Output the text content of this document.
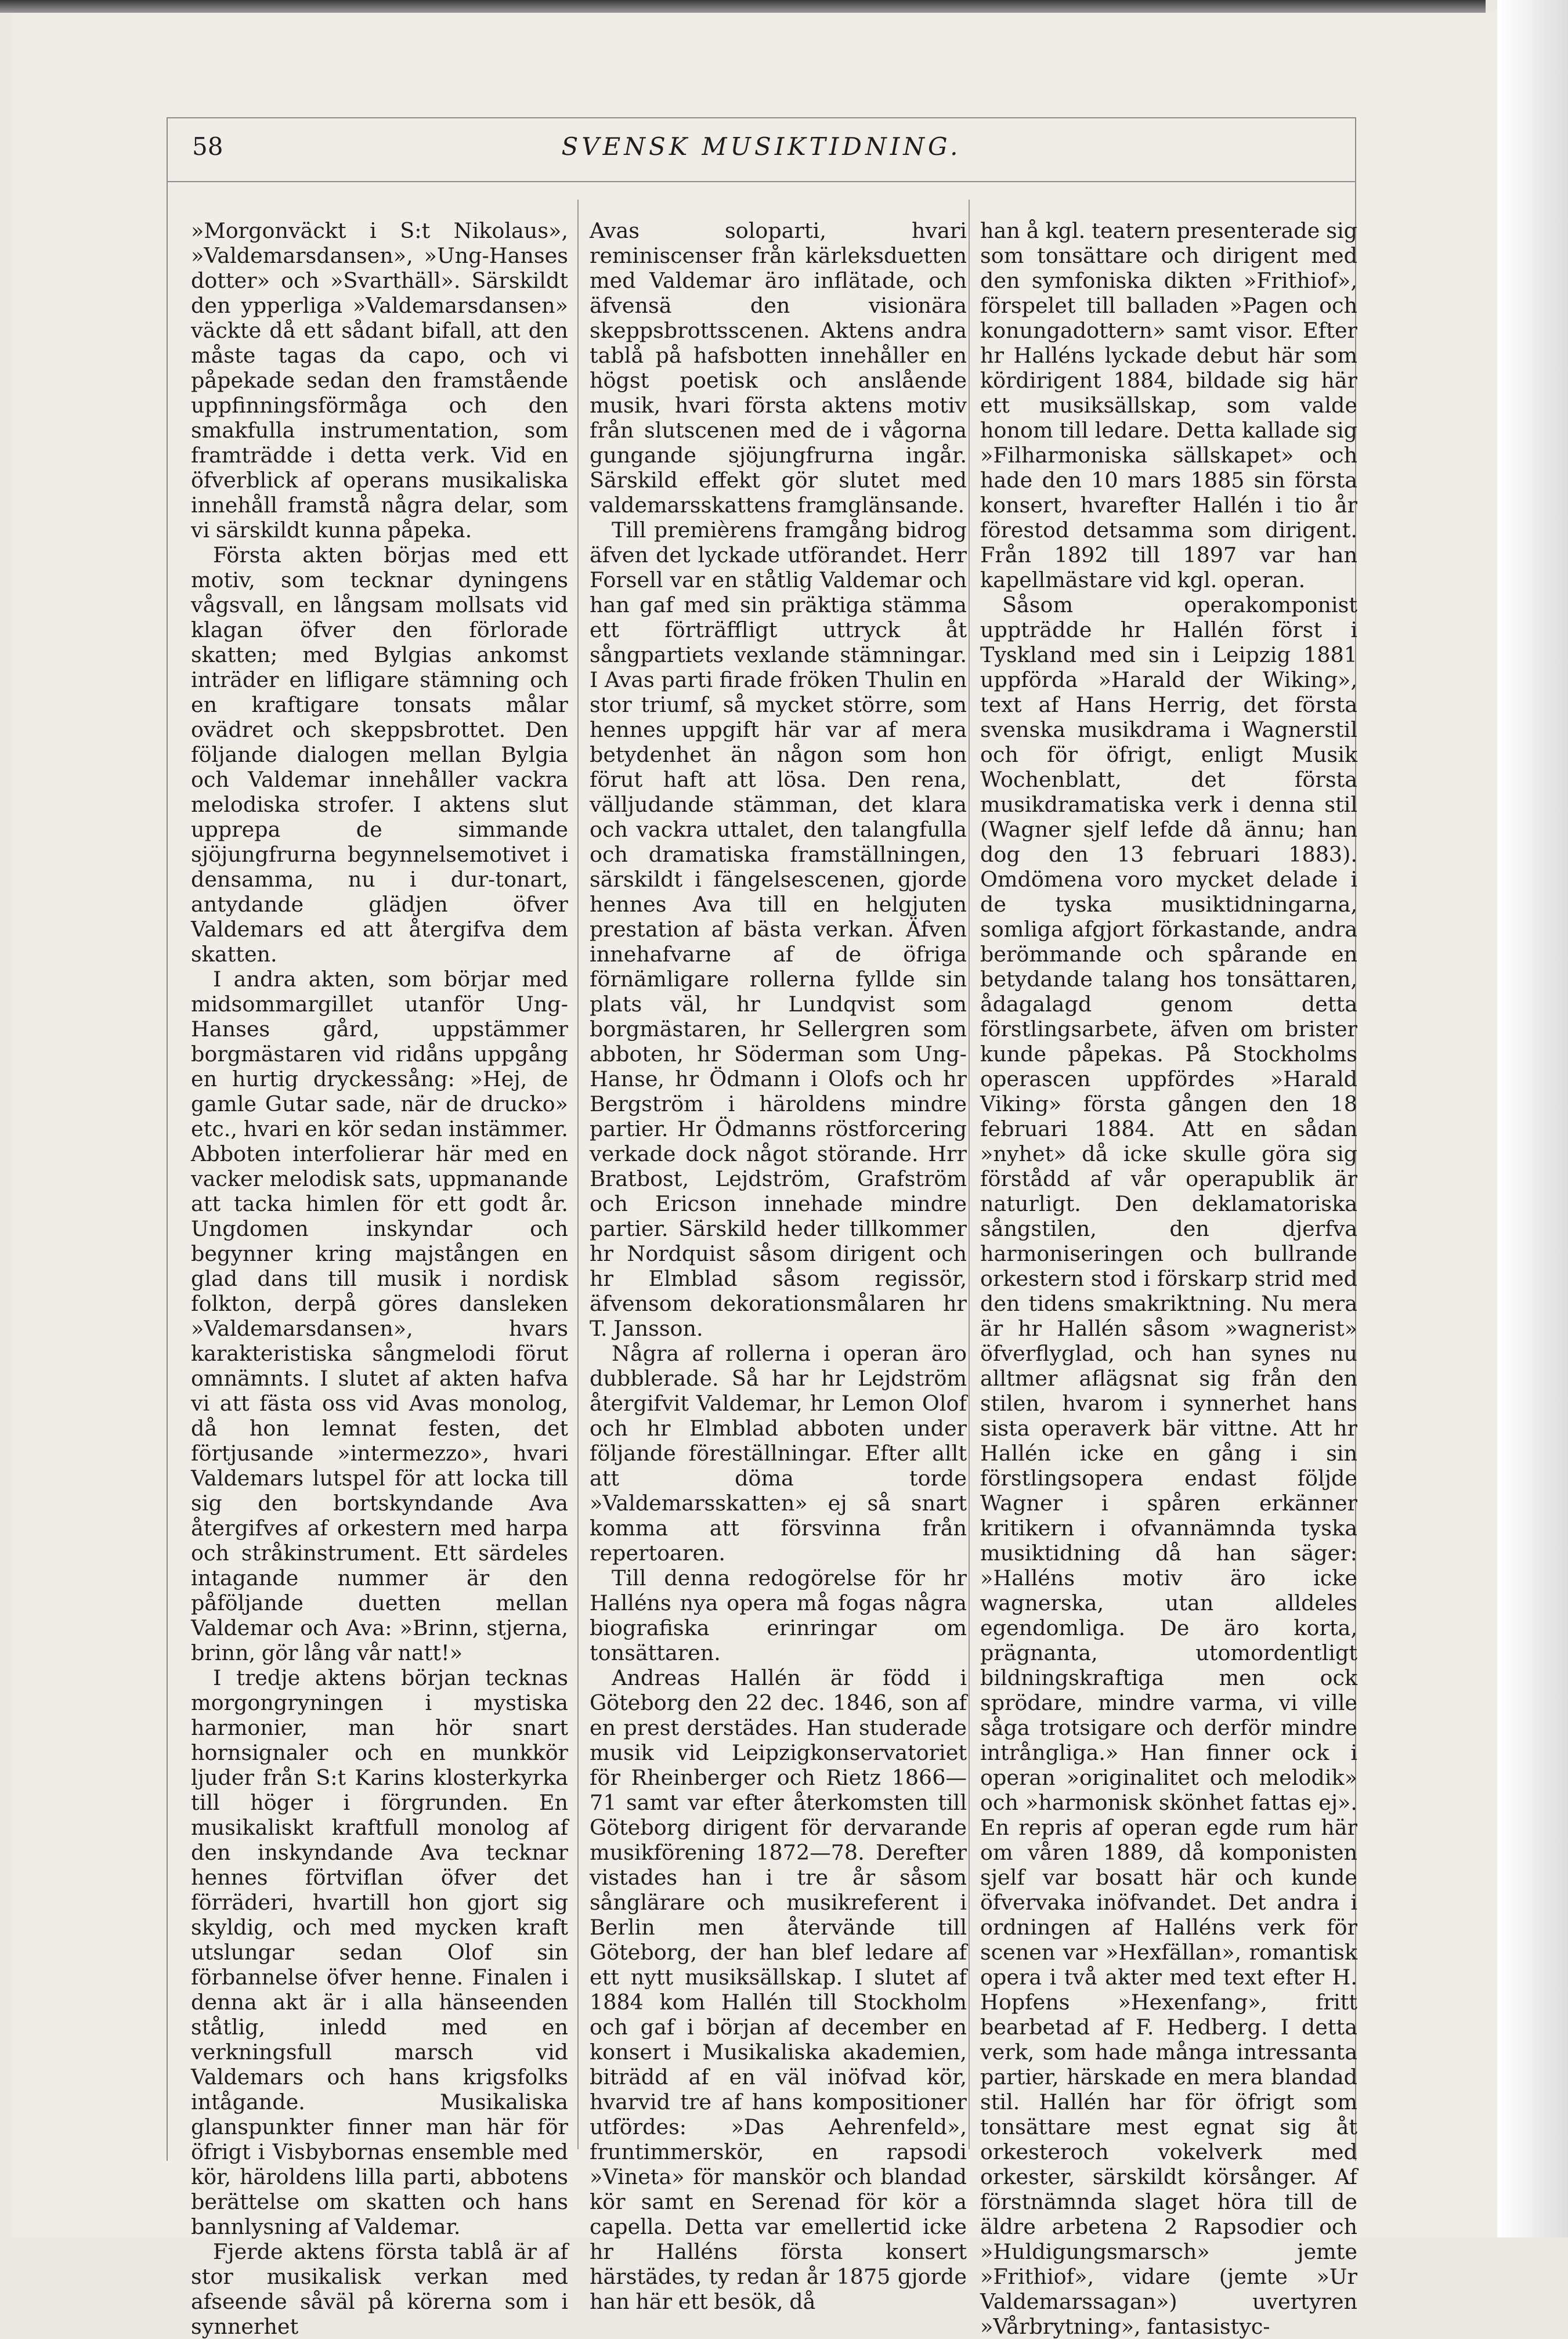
58	SVENSK MUSIKTIDNING.

»Morgonväckt i S:t Nikolaus», »Valdemarsdansen», »Ung-Hanses dotter» och »Svarthäll». Särskildt den ypperliga »Valdemarsdansen» väckte då ett sådant bifall, att den måste tagas da capo, och vi påpekade sedan den framstående uppfinningsförmåga och den smakfulla instrumentation, som framträdde i detta verk. Vid en öfverblick af operans musikaliska innehåll framstå några delar, som vi särskildt kunna påpeka.

Första akten börjas med ett motiv, som tecknar dyningens vågsvall, en långsam mollsats vid klagan öfver den förlorade skatten; med Bylgias ankomst inträder en lifligare stämning och en kraftigare tonsats målar ovädret och skeppsbrottet. Den följande dialogen mellan Bylgia och Valdemar innehåller vackra melodiska strofer. I aktens slut upprepa de simmande sjöjungfrurna begynnelsemotivet i densamma, nu i dur-tonart, antydande glädjen öfver Valdemars ed att återgifva dem skatten.

I andra akten, som börjar med midsommargillet utanför Ung-Hanses gård, uppstämmer borgmästaren vid ridåns uppgång en hurtig dryckessång: »Hej, de gamle Gutar sade, när de drucko» etc., hvari en kör sedan instämmer. Abboten interfolierar här med en vacker melodisk sats, uppmanande att tacka himlen för ett godt år. Ungdomen inskyndar och begynner kring majstången en glad dans till musik i nordisk folkton, derpå göres dansleken »Valdemarsdansen», hvars karakteristiska sångmelodi förut omnämnts. I slutet af akten hafva vi att fästa oss vid Avas monolog, då hon lemnat festen, det förtjusande »intermezzo», hvari Valdemars lutspel för att locka till sig den bortskyndande Ava återgifves af orkestern med harpa och stråkinstrument. Ett särdeles intagande nummer är den påföljande duetten mellan Valdemar och Ava: »Brinn, stjerna, brinn, gör lång vår natt!»

I tredje aktens början tecknas morgongryningen i mystiska harmonier, man hör snart hornsignaler och en munkkör ljuder från S:t Karins klosterkyrka till höger i förgrunden. En musikaliskt kraftfull monolog af den inskyndande Ava tecknar hennes förtviflan öfver det förräderi, hvartill hon gjort sig skyldig, och med mycken kraft utslungar sedan Olof sin förbannelse öfver henne. Finalen i denna akt är i alla hänseenden ståtlig, inledd med en verkningsfull marsch vid Valdemars och hans krigsfolks intågande. Musikaliska glanspunkter finner man här för öfrigt i Visbybornas ensemble med kör, häroldens lilla parti, abbotens berättelse om skatten och hans bannlysning af Valdemar.

Fjerde aktens första tablå är af stor musikalisk verkan med afseende såväl på körerna som i synnerhet

Avas soloparti, hvari reminiscenser från kärleksduetten med Valdemar äro inflätade, och äfvensä den visionära skeppsbrottsscenen. Aktens andra tablå på hafsbotten innehåller en högst poetisk och anslående musik, hvari första aktens motiv från slutscenen med de i vågorna gungande sjöjungfrurna ingår. Särskild effekt gör slutet med valdemarsskattens framglänsande.

Till premièrens framgång bidrog äfven det lyckade utförandet. Herr Forsell var en ståtlig Valdemar och han gaf med sin präktiga stämma ett förträffligt uttryck åt sångpartiets vexlande stämningar. I Avas parti firade fröken Thulin en stor triumf, så mycket större, som hennes uppgift här var af mera betydenhet än någon som hon förut haft att lösa. Den rena, välljudande stämman, det klara och vackra uttalet, den talangfulla och dramatiska framställningen, särskildt i fängelsescenen, gjorde hennes Ava till en helgjuten prestation af bästa verkan. Äfven innehafvarne af de öfriga förnämligare rollerna fyllde sin plats väl, hr Lundqvist som borgmästaren, hr Sellergren som abboten, hr Söderman som Ung-Hanse, hr Ödmann i Olofs och hr Bergström i häroldens mindre partier. Hr Ödmanns röstforcering verkade dock något störande. Hrr Bratbost, Lejdström, Grafström och Ericson innehade mindre partier. Särskild heder tillkommer hr Nordquist såsom dirigent och hr Elmblad såsom regissör, äfvensom dekorationsmålaren hr T. Jansson.

Några af rollerna i operan äro dubblerade. Så har hr Lejdström återgifvit Valdemar, hr Lemon Olof och hr Elmblad abboten under följande föreställningar. Efter allt att döma torde »Valdemarsskatten» ej så snart komma att försvinna från repertoaren.

Till denna redogörelse för hr Halléns nya opera må fogas några biografiska erinringar om tonsättaren.

Andreas Hallén är född i Göteborg den 22 dec. 1846, son af en prest derstädes. Han studerade musik vid Leipzigkonservatoriet för Rheinberger och Rietz 1866—71 samt var efter återkomsten till Göteborg dirigent för dervarande musikförening 1872—78. Derefter vistades han i tre år såsom sånglärare och musikreferent i Berlin men återvände till Göteborg, der han blef ledare af ett nytt musiksällskap. I slutet af 1884 kom Hallén till Stockholm och gaf i början af december en konsert i Musikaliska akademien, biträdd af en väl inöfvad kör, hvarvid tre af hans kompositioner utfördes: »Das Aehrenfeld», fruntimmerskör, en rapsodi »Vineta» för manskör och blandad kör samt en Serenad för kör a capella. Detta var emellertid icke hr Halléns första konsert härstädes, ty redan år 1875 gjorde han här ett besök, då

han å kgl. teatern presenterade sig som tonsättare och dirigent med den symfoniska dikten »Frithiof», förspelet till balladen »Pagen och konungadottern» samt visor. Efter hr Halléns lyckade debut här som kördirigent 1884, bildade sig här ett musiksällskap, som valde honom till ledare. Detta kallade sig »Filharmoniska sällskapet» och hade den 10 mars 1885 sin första konsert, hvarefter Hallén i tio år förestod detsamma som dirigent. Från 1892 till 1897 var han kapellmästare vid kgl. operan.

Såsom operakomponist uppträdde hr Hallén först i Tyskland med sin i Leipzig 1881 uppförda »Harald der Wiking», text af Hans Herrig, det första svenska musikdrama i Wagnerstil och för öfrigt, enligt Musik Wochenblatt, det första musikdramatiska verk i denna stil (Wagner sjelf lefde då ännu; han dog den 13 februari 1883). Omdömena voro mycket delade i de tyska musiktidningarna, somliga afgjort förkastande, andra berömmande och spårande en betydande talang hos tonsättaren, ådagalagd genom detta förstlingsarbete, äfven om brister kunde påpekas. På Stockholms operascen uppfördes »Harald Viking» första gången den 18 februari 1884. Att en sådan »nyhet» då icke skulle göra sig förstådd af vår operapublik är naturligt. Den deklamatoriska sångstilen, den djerfva harmoniseringen och bullrande orkestern stod i förskarp strid med den tidens smakriktning. Nu mera är hr Hallén såsom »wagnerist» öfverflyglad, och han synes nu alltmer aflägsnat sig från den stilen, hvarom i synnerhet hans sista operaverk bär vittne. Att hr Hallén icke en gång i sin förstlingsopera endast följde Wagner i spåren erkänner kritikern i ofvannämnda tyska musiktidning då han säger: »Halléns motiv äro icke wagnerska, utan alldeles egendomliga. De äro korta, prägnanta, utomordentligt bildningskraftiga men ock sprödare, mindre varma, vi ville såga trotsigare och derför mindre intrångliga.» Han finner ock i operan »originalitet och melodik» och »harmonisk skönhet fattas ej». En repris af operan egde rum här om våren 1889, då komponisten sjelf var bosatt här och kunde öfvervaka inöfvandet. Det andra i ordningen af Halléns verk för scenen var »Hexfällan», romantisk opera i två akter med text efter H. Hopfens »Hexenfang», fritt bearbetad af F. Hedberg. I detta verk, som hade många intressanta partier, härskade en mera blandad stil. Hallén har för öfrigt som tonsättare mest egnat sig åt orkesteroch vokelverk med orkester, särskildt körsånger. Af förstnämnda slaget höra till de äldre arbetena 2 Rapsodier och »Huldigungsmarsch» jemte »Frithiof», vidare (jemte »Ur Valdemarssagan») uvertyren »Vårbrytning», fantasistyc-
